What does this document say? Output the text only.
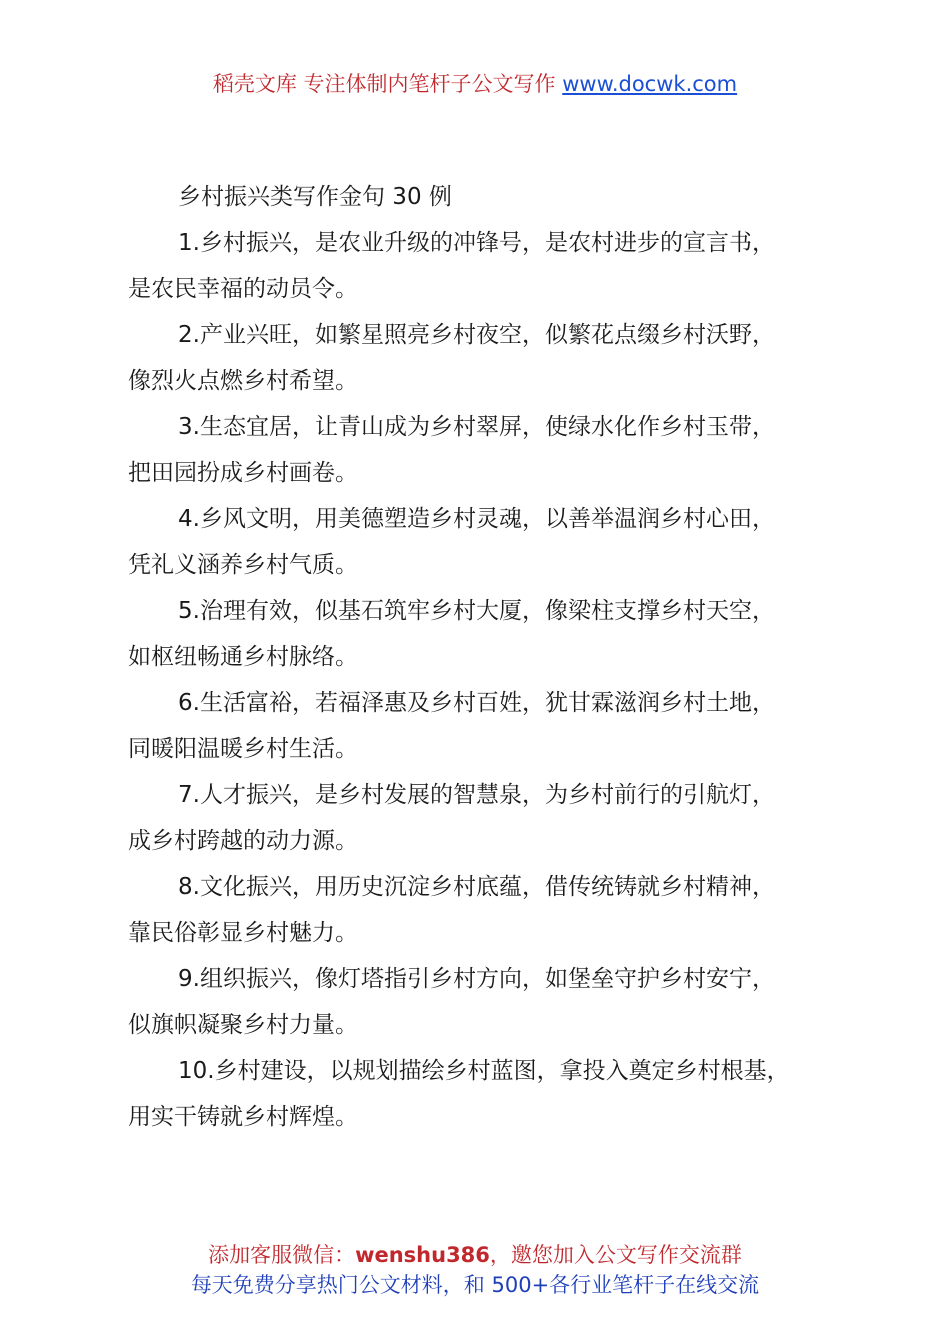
稻壳文库 专注体制内笔杆子公文写作 www.docwk.com

乡村振兴类写作金句 30 例

1.乡村振兴，是农业升级的冲锋号，是农村进步的宣言书，
是农民幸福的动员令。

2.产业兴旺，如繁星照亮乡村夜空，似繁花点缀乡村沃野，
像烈火点燃乡村希望。

3.生态宜居，让青山成为乡村翠屏，使绿水化作乡村玉带，
把田园扮成乡村画卷。

4.乡风文明，用美德塑造乡村灵魂，以善举温润乡村心田，
凭礼义涵养乡村气质。

5.治理有效，似基石筑牢乡村大厦，像梁柱支撑乡村天空，
如枢纽畅通乡村脉络。

6.生活富裕，若福泽惠及乡村百姓，犹甘霖滋润乡村土地，
同暖阳温暖乡村生活。

7.人才振兴，是乡村发展的智慧泉，为乡村前行的引航灯，
成乡村跨越的动力源。

8.文化振兴，用历史沉淀乡村底蕴，借传统铸就乡村精神，
靠民俗彰显乡村魅力。

9.组织振兴，像灯塔指引乡村方向，如堡垒守护乡村安宁，
似旗帜凝聚乡村力量。

10.乡村建设，以规划描绘乡村蓝图，拿投入奠定乡村根基，
用实干铸就乡村辉煌。

添加客服微信：wenshu386，邀您加入公文写作交流群
每天免费分享热门公文材料，和 500+各行业笔杆子在线交流
